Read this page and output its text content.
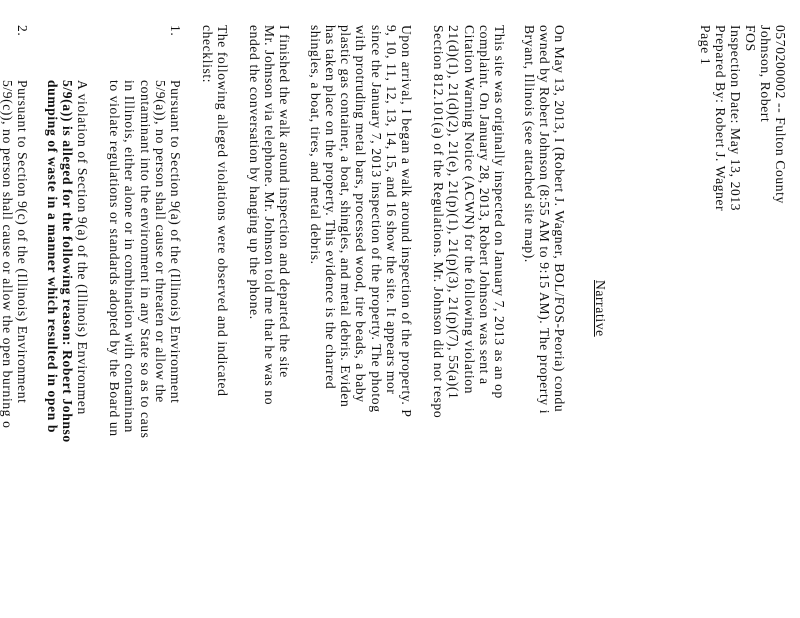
0570200002 -- Fulton County
Johnson, Robert
FOS
Inspection Date: May 13, 2013
Prepared By: Robert J. Wagner
Page 1
Narrative
On May 13, 2013, I (Robert J. Wagner, BOL/FOS-Peoria) condu
owned by Robert Johnson (8:55 AM to 9:15 AM). The property i
Bryant, Illinois (see attached site map).
This site was originally inspected on January 7, 2013 as an op
complaint. On January 28, 2013, Robert Johnson was sent a
Citation Warning Notice (ACWN) for the following violation
21(d)(1), 21(d)(2), 21(e), 21(p)(1), 21(p)(3), 21(p)(7), 55(a)(1
Section 812.101(a) of the Regulations. Mr. Johnson did not respo
Upon arrival, I began a walk around inspection of the property. P
9, 10, 11, 12, 13, 14, 15, and 16 show the site. It appears mor
since the January 7, 2013 inspection of the property. The photog
with protruding metal bars, processed wood, tire beads, a baby
plastic gas container, a boat, shingles, and metal debris. Eviden
has taken place on the property. This evidence is the charred
shingles, a boat, tires, and metal debris.
I finished the walk around inspection and departed the site
Mr. Johnson via telephone. Mr. Johnson told me that he was no
ended the conversation by hanging up the phone.
The following alleged violations were observed and indicated
checklist:
1.
Pursuant to Section 9(a) of the (Illinois) Environment
5/9(a)), no person shall cause or threaten or allow the
contaminant into the environment in any State so as to caus
in Illinois, either alone or in combination with contaminan
to violate regulations or standards adopted by the Board un
A violation of Section 9(a) of the (Illinois) Environmen
5/9(a)) is alleged for the following reason: Robert Johnso
dumping of waste in a manner which resulted in open b
2.
Pursuant to Section 9(c) of the (Illinois) Environment
5/9(c)), no person shall cause or allow the open burning o
